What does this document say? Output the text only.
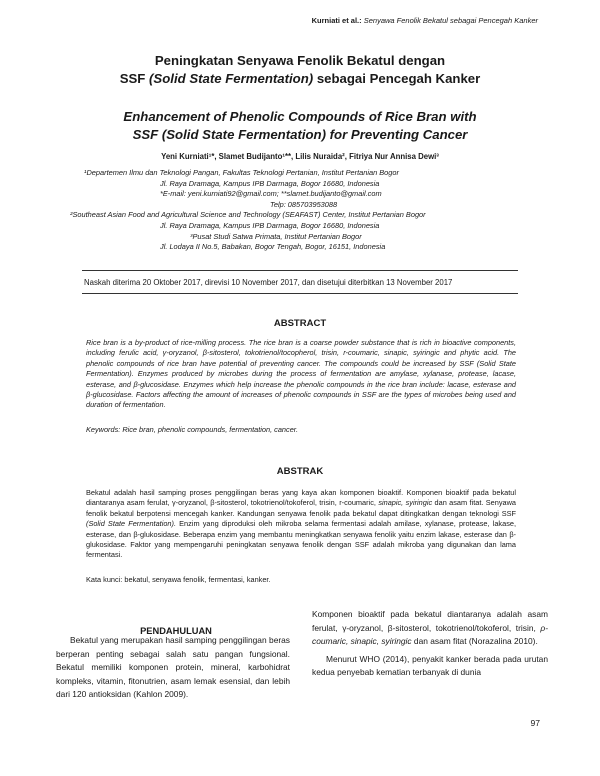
Kurniati et al.: Senyawa Fenolik Bekatul sebagai Pencegah Kanker
Peningkatan Senyawa Fenolik Bekatul dengan
SSF (Solid State Fermentation) sebagai Pencegah Kanker
Enhancement of Phenolic Compounds of Rice Bran with
SSF (Solid State Fermentation) for Preventing Cancer
Yeni Kurniati¹*, Slamet Budijanto¹**, Lilis Nuraida², Fitriya Nur Annisa Dewi³
¹Departemen Ilmu dan Teknologi Pangan, Fakultas Teknologi Pertanian, Institut Pertanian Bogor
Jl. Raya Dramaga, Kampus IPB Darmaga, Bogor 16680, Indonesia
*E-mail: yeni.kurniati92@gmail.com; **slamet.budijanto@gmail.com
Telp: 085703953088
²Southeast Asian Food and Agricultural Science and Technology (SEAFAST) Center, Institut Pertanian Bogor
Jl. Raya Dramaga, Kampus IPB Darmaga, Bogor 16680, Indonesia
³Pusat Studi Satwa Primata, Institut Pertanian Bogor
Jl. Lodaya II No.5, Babakan, Bogor Tengah, Bogor, 16151, Indonesia
Naskah diterima 20 Oktober 2017, direvisi 10 November 2017, dan disetujui diterbitkan 13 November 2017
ABSTRACT
Rice bran is a by-product of rice-milling process. The rice bran is a coarse powder substance that is rich in bioactive components, including ferulic acid, γ-oryzanol, β-sitosterol, tokotrienol/tocopherol, trisin, r-coumaric, sinapic, syiringic and phytic acid. The phenolic compounds of rice bran have potential of preventing cancer. The compounds could be increased by SSF (Solid State Fermentation). Enzymes produced by microbes during the process of fermentation are amylase, xylanase, protease, lacase, esterase, and β-glucosidase. Enzymes which help increase the phenolic compounds in the rice bran include: lacase, esterase and β-glucosidase. Factors affecting the amount of increases of phenolic compounds in SSF are the types of microbes being used and duration of fermentation.
Keywords: Rice bran, phenolic compounds, fermentation, cancer.
ABSTRAK
Bekatul adalah hasil samping proses penggilingan beras yang kaya akan komponen bioaktif. Komponen bioaktif pada bekatul diantaranya asam ferulat, γ-oryzanol, β-sitosterol, tokotrienol/tokoferol, trisin, r-coumaric, sinapic, syiringic dan asam fitat. Senyawa fenolik bekatul berpotensi mencegah kanker. Kandungan senyawa fenolik pada bekatul dapat ditingkatkan dengan teknologi SSF (Solid State Fermentation). Enzim yang diproduksi oleh mikroba selama fermentasi adalah amilase, xylanase, protease, lakase, esterase, dan β-glukosidase. Beberapa enzim yang membantu meningkatkan senyawa fenolik yaitu enzim lakase, esterase dan β-glukosidase. Faktor yang mempengaruhi peningkatan senyawa fenolik dengan SSF adalah mikroba yang digunakan dan lama fermentasi.
Kata kunci: bekatul, senyawa fenolik, fermentasi, kanker.
PENDAHULUAN

Bekatul yang merupakan hasil samping penggilingan beras berperan penting sebagai salah satu pangan fungsional. Bekatul memiliki komponen protein, mineral, karbohidrat kompleks, vitamin, fitonutrien, asam lemak esensial, dan lebih dari 120 antioksidan (Kahlon 2009).

Komponen bioaktif pada bekatul diantaranya adalah asam ferulat, γ-oryzanol, β-sitosterol, tokotrienol/tokoferol, trisin, ρ-coumaric, sinapic, syiringic dan asam fitat (Norazalina 2010).

Menurut WHO (2014), penyakit kanker berada pada urutan kedua penyebab kematian terbanyak di dunia

97
